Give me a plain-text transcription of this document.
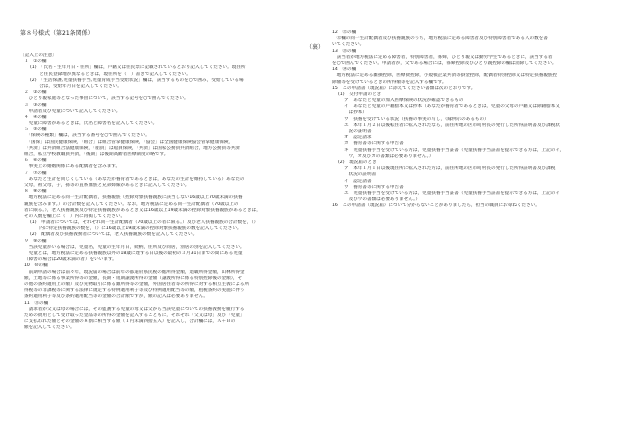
第８号様式（第21条関係）
（裏）
〔記入上の注意〕
１　①の欄
(1)　「氏名・生年月日・住所」欄は，戸籍又は住民票に記載されているとおり記入してください。現住所
　　と住民登録地が異なるときは，現住所を（　）書きで記入してください。
(2)　「生活保護,児童扶養手当,児童育成手当受給状況」欄は，該当するものを○で囲み，受給している場
　　合は，受給年月日を記入してください。
２　②の欄
　ひとり親家庭等となった事由について，該当する記号を○で囲んでください。
３　③の欄
　申請者及び児童について記入してください。
４　④の欄
　児童に障害があるときは，氏名と障害名を記入してください。
５　⑤の欄
　「保険の種類」欄は，該当する番号を○で囲んでください。
　「国保」は国民健康保険，「組合」は組合管掌健康保険，「協会」は全国健康保険協会管掌健康保険，
「共済」は共済組合法健康保険，「船員」は船員保険，「共済」は国家公務員共済組合，地方公務員等共済
組合，私立学校教職員共済，「後期」は後期高齢者医療制度の略です。
６　⑥の欄
　事実上の婚姻関係にある配偶者を含みます。
７　⑦の欄
　あなたと生計を同じくしている（あなたが養育者であるときは，あなたの生計を維持している）あなたの
父母，祖父母，子，孫等の直系血族と兄弟姉妹があるときに記入してください。
８　⑧の欄
　地方税法に定める同一生計配偶者，扶養親族（控除対象扶養親族に該当しない16歳以上70歳未満の扶養
親族を含みます。）の合計数を記入してください。なお，地方税法に定める同一生計配偶者（70歳以上の
者に限る。），老人扶養親族及び特定扶養親族があるとき又は16歳以上19歳未満の控除対象扶養親族があるときは，
その人数を欄上に（　）内に再掲してください。
(1)　申請者については，それぞれ同一生計配偶者（70歳以上の者に限る。）及び老人扶養親族の合計数を，（）
　　内に特定扶養親族の数を，（）に16歳以上19歳未満の控除対象扶養親族の数を記入してください。
(2)　配偶者及び扶養義務者については，老人扶養親族の数を記入してください。
９　⑨の欄
　当該児童がいる場合は，児童名，児童の生年月日，続柄，住所及び同居，別居の別を記入してください。
　児童とは，地方税法に定める扶養親族以外の18歳に達する日以後の最初の３月31日までの間にある児童
（障害の場合は20歳未満の者）をいいます。
10　⑩の欄
　前期申請の場合は前々年，現況届の場合は前年の都道府県民税の総所得金額，退職所得金額，山林所得金
額，土地等に係る事業所得等の金額，長期・短期譲渡所得の金額（譲渡所得に係る特別控除後の金額），そ
の他の条約適用上の額）及び先物取引に係る雑所得等の金額，外国居住者等の所得に対する相互主義による所
得税等の非課税等に関する法律に規定する特例適用利子等及び特例適用配当等の額，租税条約の実施に伴う
条約適用利子等及び条約適用配当等の金額の合計額ですが，額の記入は必要ありません。
11　⑪の欄
　請求者が父又は母の場合には，その監護する児童の母又は父から当該児童についての扶養義務を履行する
ための費用として受け取った金品等の所得の金額を記入することもに，それぞれ「父又は母」及び「児童」
に支払われた額とその金額の８割に相当する額（１円未満四捨五入）を記入し，合計欄には，Ａ＋Ｂの
額を記入してください。
12　⑫の欄
　⑫欄の同一生計配偶者及び扶養親族のうち，地方税法に定める障害者及び特別障害者である人の数を書
いてください。
13　⑬の欄
　該当者が地方税法に定める障害者，特別障害者，寡婦，ひとり親又は勤労学生であるときに，該当する者
を○で囲んでください。申請者が，父である場合には，寡婦控除及びひとり親控除の欄は消除してください。
14　⑭の欄
　地方税法に定める雑損控除，医療費控除，小規模企業共済等掛金控除，配偶者特別控除又は特定扶養親族控
除額等を受けているときの所得額等を記入する欄です。
15　この申請書（現況届）に添えてください書類は次のとおりです。
(1)　交付申請のとき
ア　あなたと児童の加入医療保険の状況が確認できるもの
イ　あなたと児童の戸籍謄本又は抄本（あなたが養育者であるときは，児童の父母の戸籍又は除籍謄本又
　は抄本）
ウ　扶養を受けている状況（扶養の事実の写し，（縁例示のあるもの）
エ　本年１月２日以後転住者に転入されたなら，前住所地の区市町村長の発行した所得証明書及び課税状
　況の証明書
オ　認定請求
カ　養育書等に関する申告書
キ　児童扶養手当を受けている方は，児童扶養手当証書（児童扶養手当証書を提示できる方は，上記のイ，
　ウ，オ及びカの書類は必要ありません。）
(2)　現況届のとき
ア　本年１月１日以後現住所に転入された方は，前住所地の区市町村長の発行した所得証明書及び課税
　状況の証明書
イ　認定請書
ウ　養育書等に関する申告書
エ　児童扶養手当を受けている方は，児童扶養手当証書（児童扶養手当証書を提示できる方は，上記のイ
　及びウの書類は必要ありません。）
16　この申請書（現況届）について分からないことがありましたら，担当の職員にお尋ねください。
